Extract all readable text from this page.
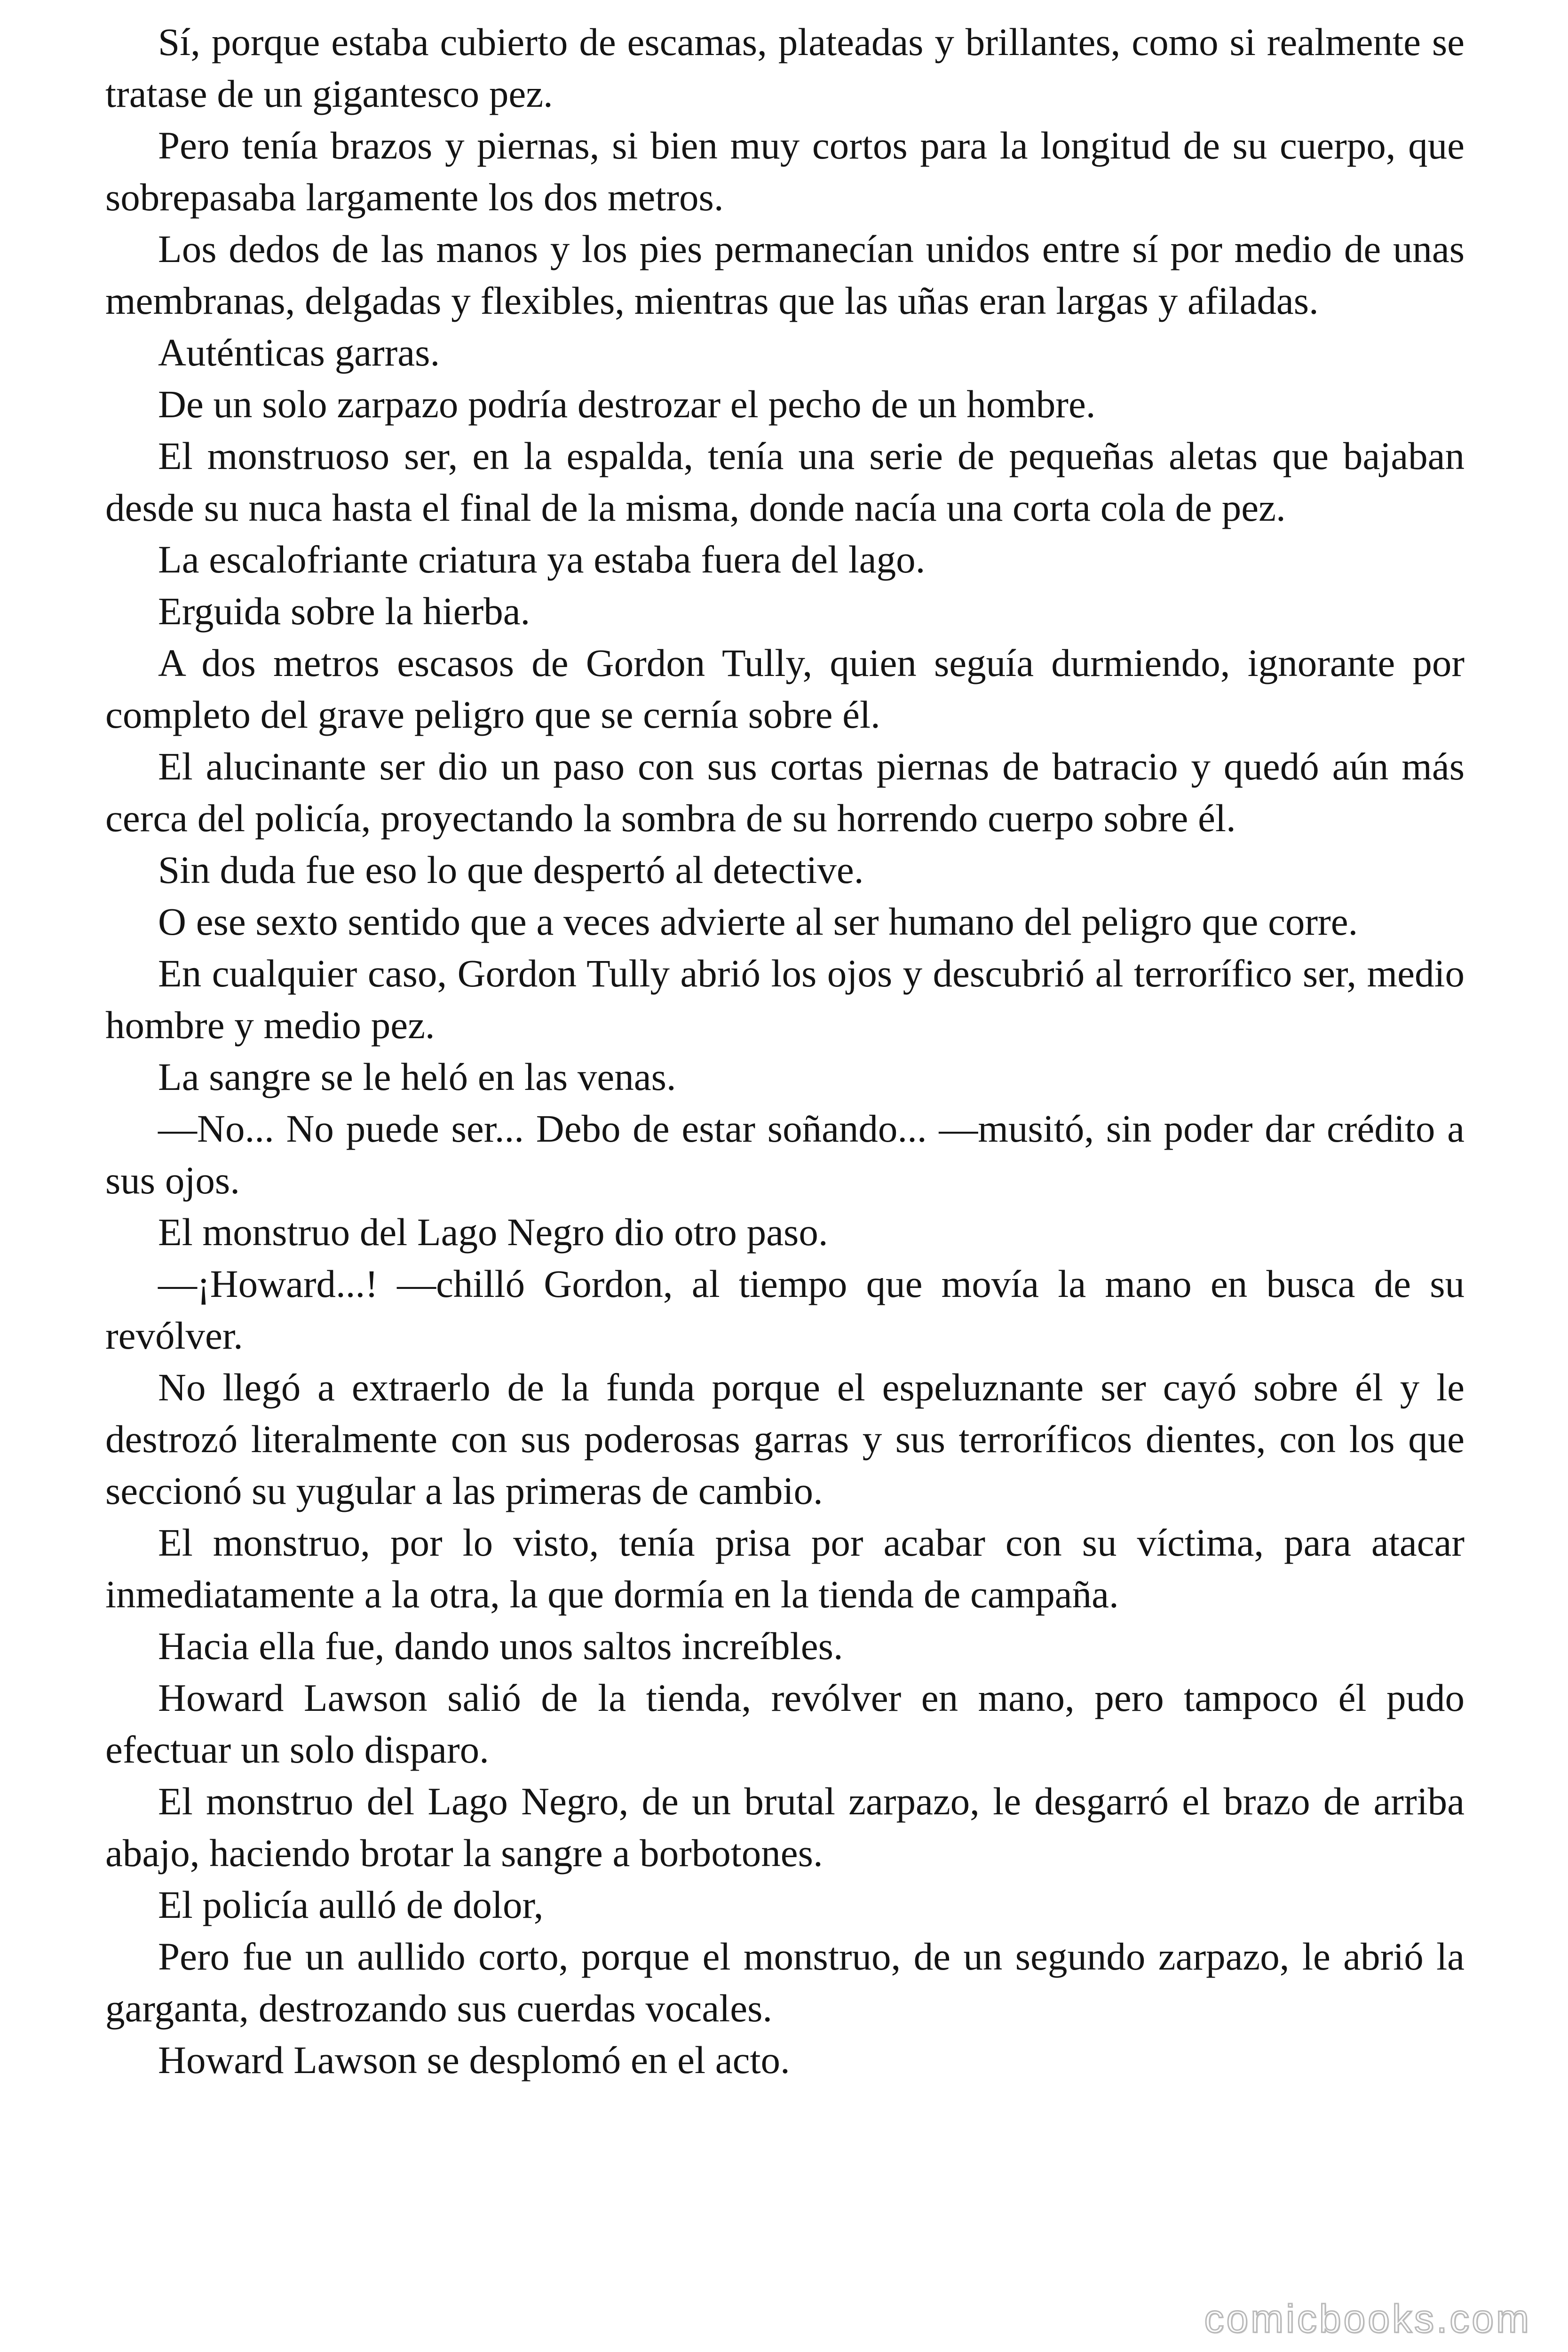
Sí, porque estaba cubierto de escamas, plateadas y brillantes, como si realmente se tratase de un gigantesco pez.

Pero tenía brazos y piernas, si bien muy cortos para la longitud de su cuerpo, que sobrepasaba largamente los dos metros.

Los dedos de las manos y los pies permanecían unidos entre sí por medio de unas membranas, delgadas y flexibles, mientras que las uñas eran largas y afiladas.

Auténticas garras.

De un solo zarpazo podría destrozar el pecho de un hombre.

El monstruoso ser, en la espalda, tenía una serie de pequeñas aletas que bajaban desde su nuca hasta el final de la misma, donde nacía una corta cola de pez.

La escalofriante criatura ya estaba fuera del lago.

Erguida sobre la hierba.

A dos metros escasos de Gordon Tully, quien seguía durmiendo, ignorante por completo del grave peligro que se cernía sobre él.

El alucinante ser dio un paso con sus cortas piernas de batracio y quedó aún más cerca del policía, proyectando la sombra de su horrendo cuerpo sobre él.

Sin duda fue eso lo que despertó al detective.

O ese sexto sentido que a veces advierte al ser humano del peligro que corre.

En cualquier caso, Gordon Tully abrió los ojos y descubrió al terrorífico ser, medio hombre y medio pez.

La sangre se le heló en las venas.

—No... No puede ser... Debo de estar soñando... —musitó, sin poder dar crédito a sus ojos.

El monstruo del Lago Negro dio otro paso.

—¡Howard...! —chilló Gordon, al tiempo que movía la mano en busca de su revólver.

No llegó a extraerlo de la funda porque el espeluznante ser cayó sobre él y le destrozó literalmente con sus poderosas garras y sus terroríficos dientes, con los que seccionó su yugular a las primeras de cambio.

El monstruo, por lo visto, tenía prisa por acabar con su víctima, para atacar inmediatamente a la otra, la que dormía en la tienda de campaña.

Hacia ella fue, dando unos saltos increíbles.

Howard Lawson salió de la tienda, revólver en mano, pero tampoco él pudo efectuar un solo disparo.

El monstruo del Lago Negro, de un brutal zarpazo, le desgarró el brazo de arriba abajo, haciendo brotar la sangre a borbotones.

El policía aulló de dolor,

Pero fue un aullido corto, porque el monstruo, de un segundo zarpazo, le abrió la garganta, destrozando sus cuerdas vocales.

Howard Lawson se desplomó en el acto.

comicbooks.com
